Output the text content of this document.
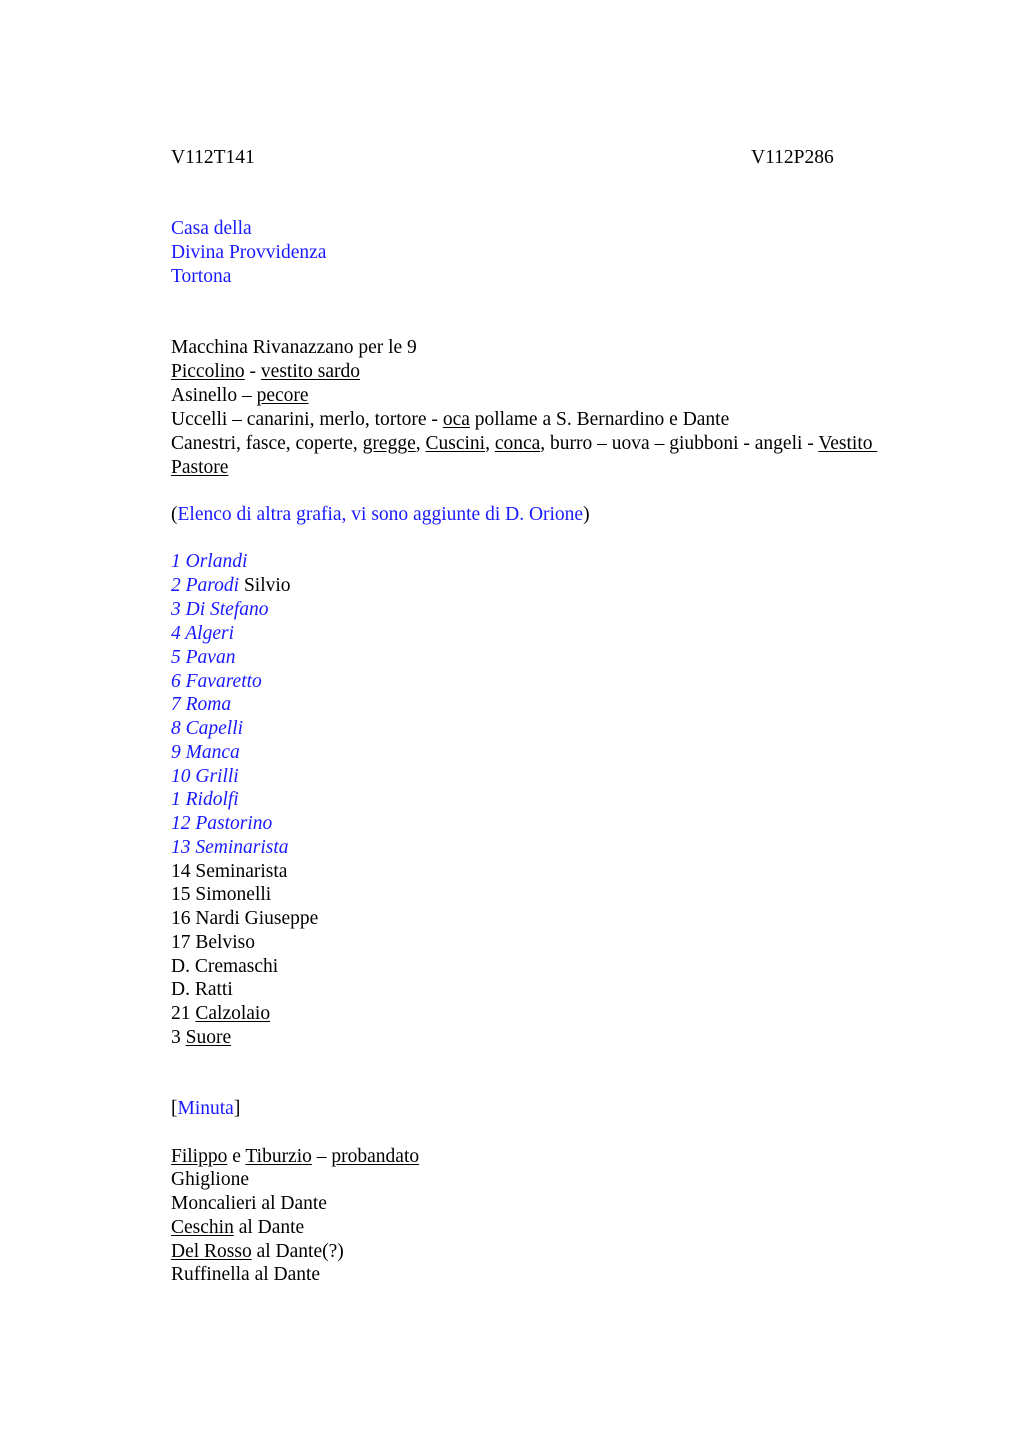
V112T141	V112P286
Casa della
Divina Provvidenza
Tortona
Macchina Rivanazzano per le 9
Piccolino - vestito sardo
Asinello – pecore
Uccelli – canarini, merlo, tortore - oca pollame a S. Bernardino e Dante
Canestri, fasce, coperte, gregge, Cuscini, conca, burro – uova – giubboni - angeli - Vestito
Pastore
(Elenco di altra grafia, vi sono aggiunte di D. Orione)
1 Orlandi
2 Parodi Silvio
3 Di Stefano
4 Algeri
5 Pavan
6 Favaretto
7 Roma
8 Capelli
9 Manca
10 Grilli
1 Ridolfi
12 Pastorino
13 Seminarista
14 Seminarista
15 Simonelli
16 Nardi Giuseppe
17 Belviso
D. Cremaschi
D. Ratti
21 Calzolaio
3 Suore
[Minuta]
Filippo e Tiburzio – probandato
Ghiglione
Moncalieri al Dante
Ceschin al Dante
Del Rosso al Dante(?)
Ruffinella al Dante
